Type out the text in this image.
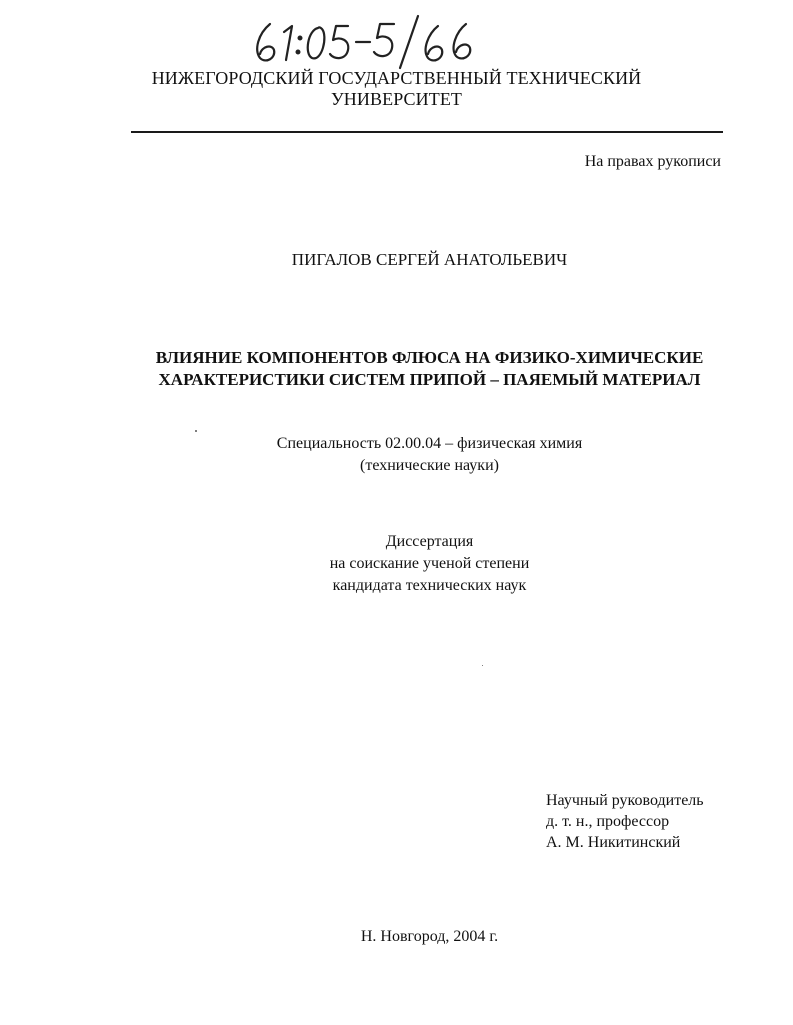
НИЖЕГОРОДСКИЙ ГОСУДАРСТВЕННЫЙ ТЕХНИЧЕСКИЙ
УНИВЕРСИТЕТ
На правах рукописи
ПИГАЛОВ СЕРГЕЙ АНАТОЛЬЕВИЧ
ВЛИЯНИЕ КОМПОНЕНТОВ ФЛЮСА НА ФИЗИКО-ХИМИЧЕСКИЕ
ХАРАКТЕРИСТИКИ СИСТЕМ ПРИПОЙ – ПАЯЕМЫЙ МАТЕРИАЛ
Специальность 02.00.04 – физическая химия
(технические науки)
Диссертация
на соискание ученой степени
кандидата технических наук
Научный руководитель
д. т. н., профессор
А. М. Никитинский
Н. Новгород, 2004 г.
